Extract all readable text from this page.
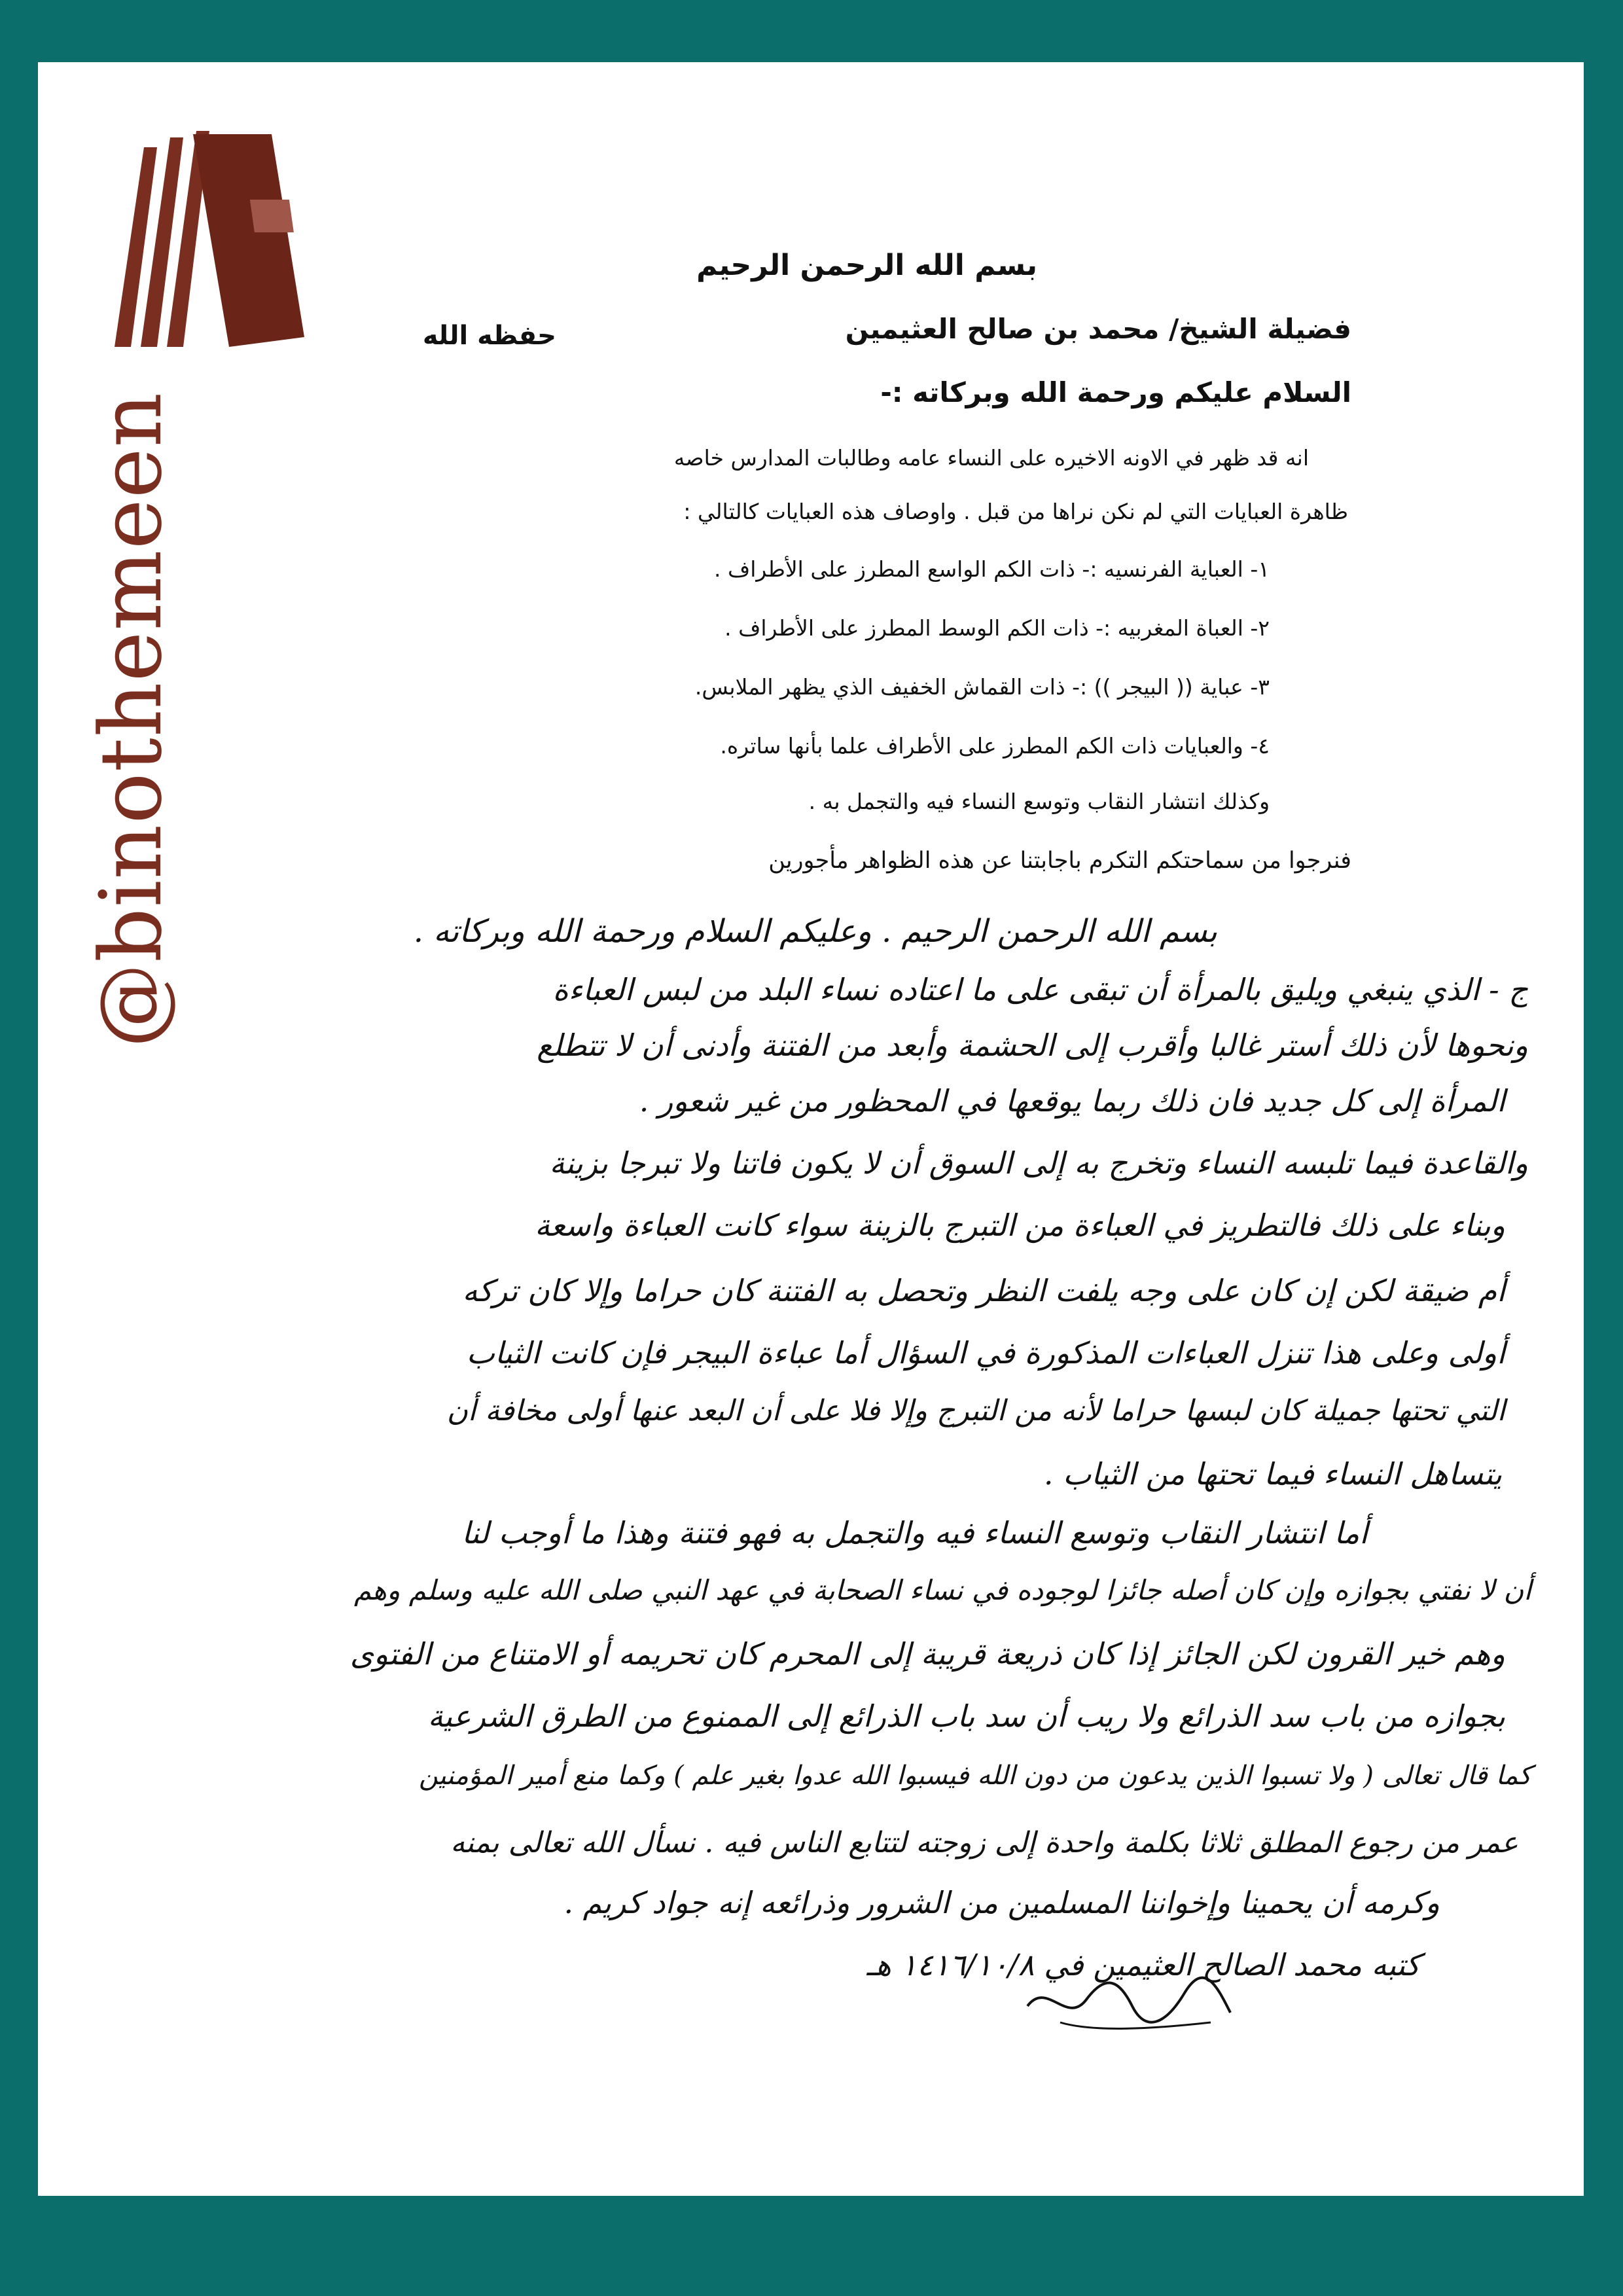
@binothemeen
بسم الله الرحمن الرحيم
فضيلة الشيخ/ محمد بن صالح العثيمين
حفظه الله
السلام عليكم ورحمة الله وبركاته :-
انه قد ظهر في الاونه الاخيره على النساء عامه وطالبات المدارس خاصه
ظاهرة العبايات التي لم نكن نراها من قبل . واوصاف هذه العبايات كالتالي :
١- العباية الفرنسيه :- ذات الكم الواسع المطرز على الأطراف .
٢- العباة المغربيه :- ذات الكم الوسط المطرز على الأطراف .
٣- عباية (( البيجر )) :- ذات القماش الخفيف الذي يظهر الملابس.
٤- والعبايات ذات الكم المطرز على الأطراف علما بأنها ساتره.
وكذلك انتشار النقاب وتوسع النساء فيه والتجمل به .
فنرجوا من سماحتكم التكرم باجابتنا عن هذه الظواهر مأجورين
بسم الله الرحمن الرحيم . وعليكم السلام ورحمة الله وبركاته .
ج - الذي ينبغي ويليق بالمرأة أن تبقى على ما اعتاده نساء البلد من لبس العباءة
ونحوها لأن ذلك أستر غالبا وأقرب إلى الحشمة وأبعد من الفتنة وأدنى أن لا تتطلع
المرأة إلى كل جديد فان ذلك ربما يوقعها في المحظور من غير شعور .
والقاعدة فيما تلبسه النساء وتخرج به إلى السوق أن لا يكون فاتنا ولا تبرجا بزينة
وبناء على ذلك فالتطريز في العباءة من التبرج بالزينة سواء كانت العباءة واسعة
أم ضيقة لكن إن كان على وجه يلفت النظر وتحصل به الفتنة كان حراما وإلا كان تركه
أولى وعلى هذا تنزل العباءات المذكورة في السؤال أما عباءة البيجر فإن كانت الثياب
التي تحتها جميلة كان لبسها حراما لأنه من التبرج وإلا فلا على أن البعد عنها أولى مخافة أن
يتساهل النساء فيما تحتها من الثياب .
أما انتشار النقاب وتوسع النساء فيه والتجمل به فهو فتنة وهذا ما أوجب لنا
أن لا نفتي بجوازه وإن كان أصله جائزا لوجوده في نساء الصحابة في عهد النبي صلى الله عليه وسلم وهم
وهم خير القرون لكن الجائز إذا كان ذريعة قريبة إلى المحرم كان تحريمه أو الامتناع من الفتوى
بجوازه من باب سد الذرائع ولا ريب أن سد باب الذرائع إلى الممنوع من الطرق الشرعية
كما قال تعالى ( ولا تسبوا الذين يدعون من دون الله فيسبوا الله عدوا بغير علم ) وكما منع أمير المؤمنين
عمر من رجوع المطلق ثلاثا بكلمة واحدة إلى زوجته لتتابع الناس فيه . نسأل الله تعالى بمنه
وكرمه أن يحمينا وإخواننا المسلمين من الشرور وذرائعه إنه جواد كريم .
كتبه محمد الصالح العثيمين في ١٤١٦/١٠/٨ هـ
